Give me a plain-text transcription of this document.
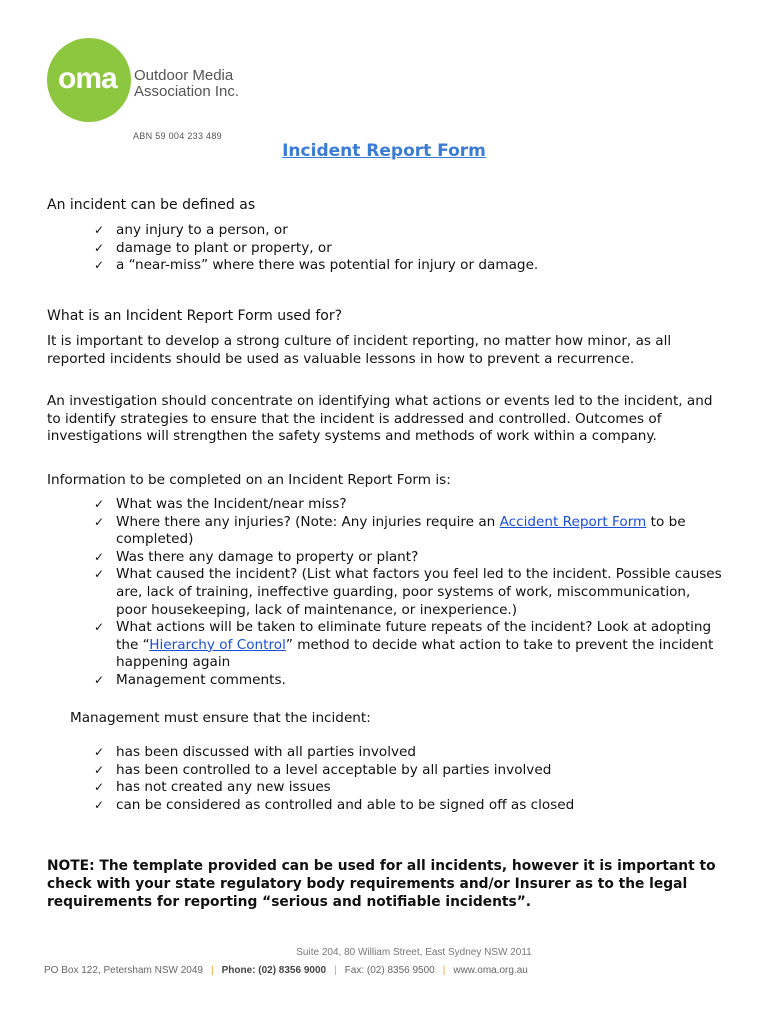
oma Outdoor Media
Association Inc.
ABN 59 004 233 489
Incident Report Form
An incident can be defined as
✓ any injury to a person, or
✓ damage to plant or property, or
✓ a “near-miss” where there was potential for injury or damage.
What is an Incident Report Form used for?
It is important to develop a strong culture of incident reporting, no matter how minor, as all reported incidents should be used as valuable lessons in how to prevent a recurrence.
An investigation should concentrate on identifying what actions or events led to the incident, and to identify strategies to ensure that the incident is addressed and controlled. Outcomes of investigations will strengthen the safety systems and methods of work within a company.
Information to be completed on an Incident Report Form is:
✓ What was the Incident/near miss?
✓ Where there any injuries? (Note: Any injuries require an Accident Report Form to be completed)
✓ Was there any damage to property or plant?
✓ What caused the incident? (List what factors you feel led to the incident. Possible causes are, lack of training, ineffective guarding, poor systems of work, miscommunication, poor housekeeping, lack of maintenance, or inexperience.)
✓ What actions will be taken to eliminate future repeats of the incident? Look at adopting the “Hierarchy of Control” method to decide what action to take to prevent the incident happening again
✓ Management comments.
Management must ensure that the incident:
✓ has been discussed with all parties involved
✓ has been controlled to a level acceptable by all parties involved
✓ has not created any new issues
✓ can be considered as controlled and able to be signed off as closed
NOTE: The template provided can be used for all incidents, however it is important to check with your state regulatory body requirements and/or Insurer as to the legal requirements for reporting “serious and notifiable incidents”.
Suite 204, 80 William Street, East Sydney NSW 2011
PO Box 122, Petersham NSW 2049 | Phone: (02) 8356 9000 | Fax: (02) 8356 9500 | www.oma.org.au
